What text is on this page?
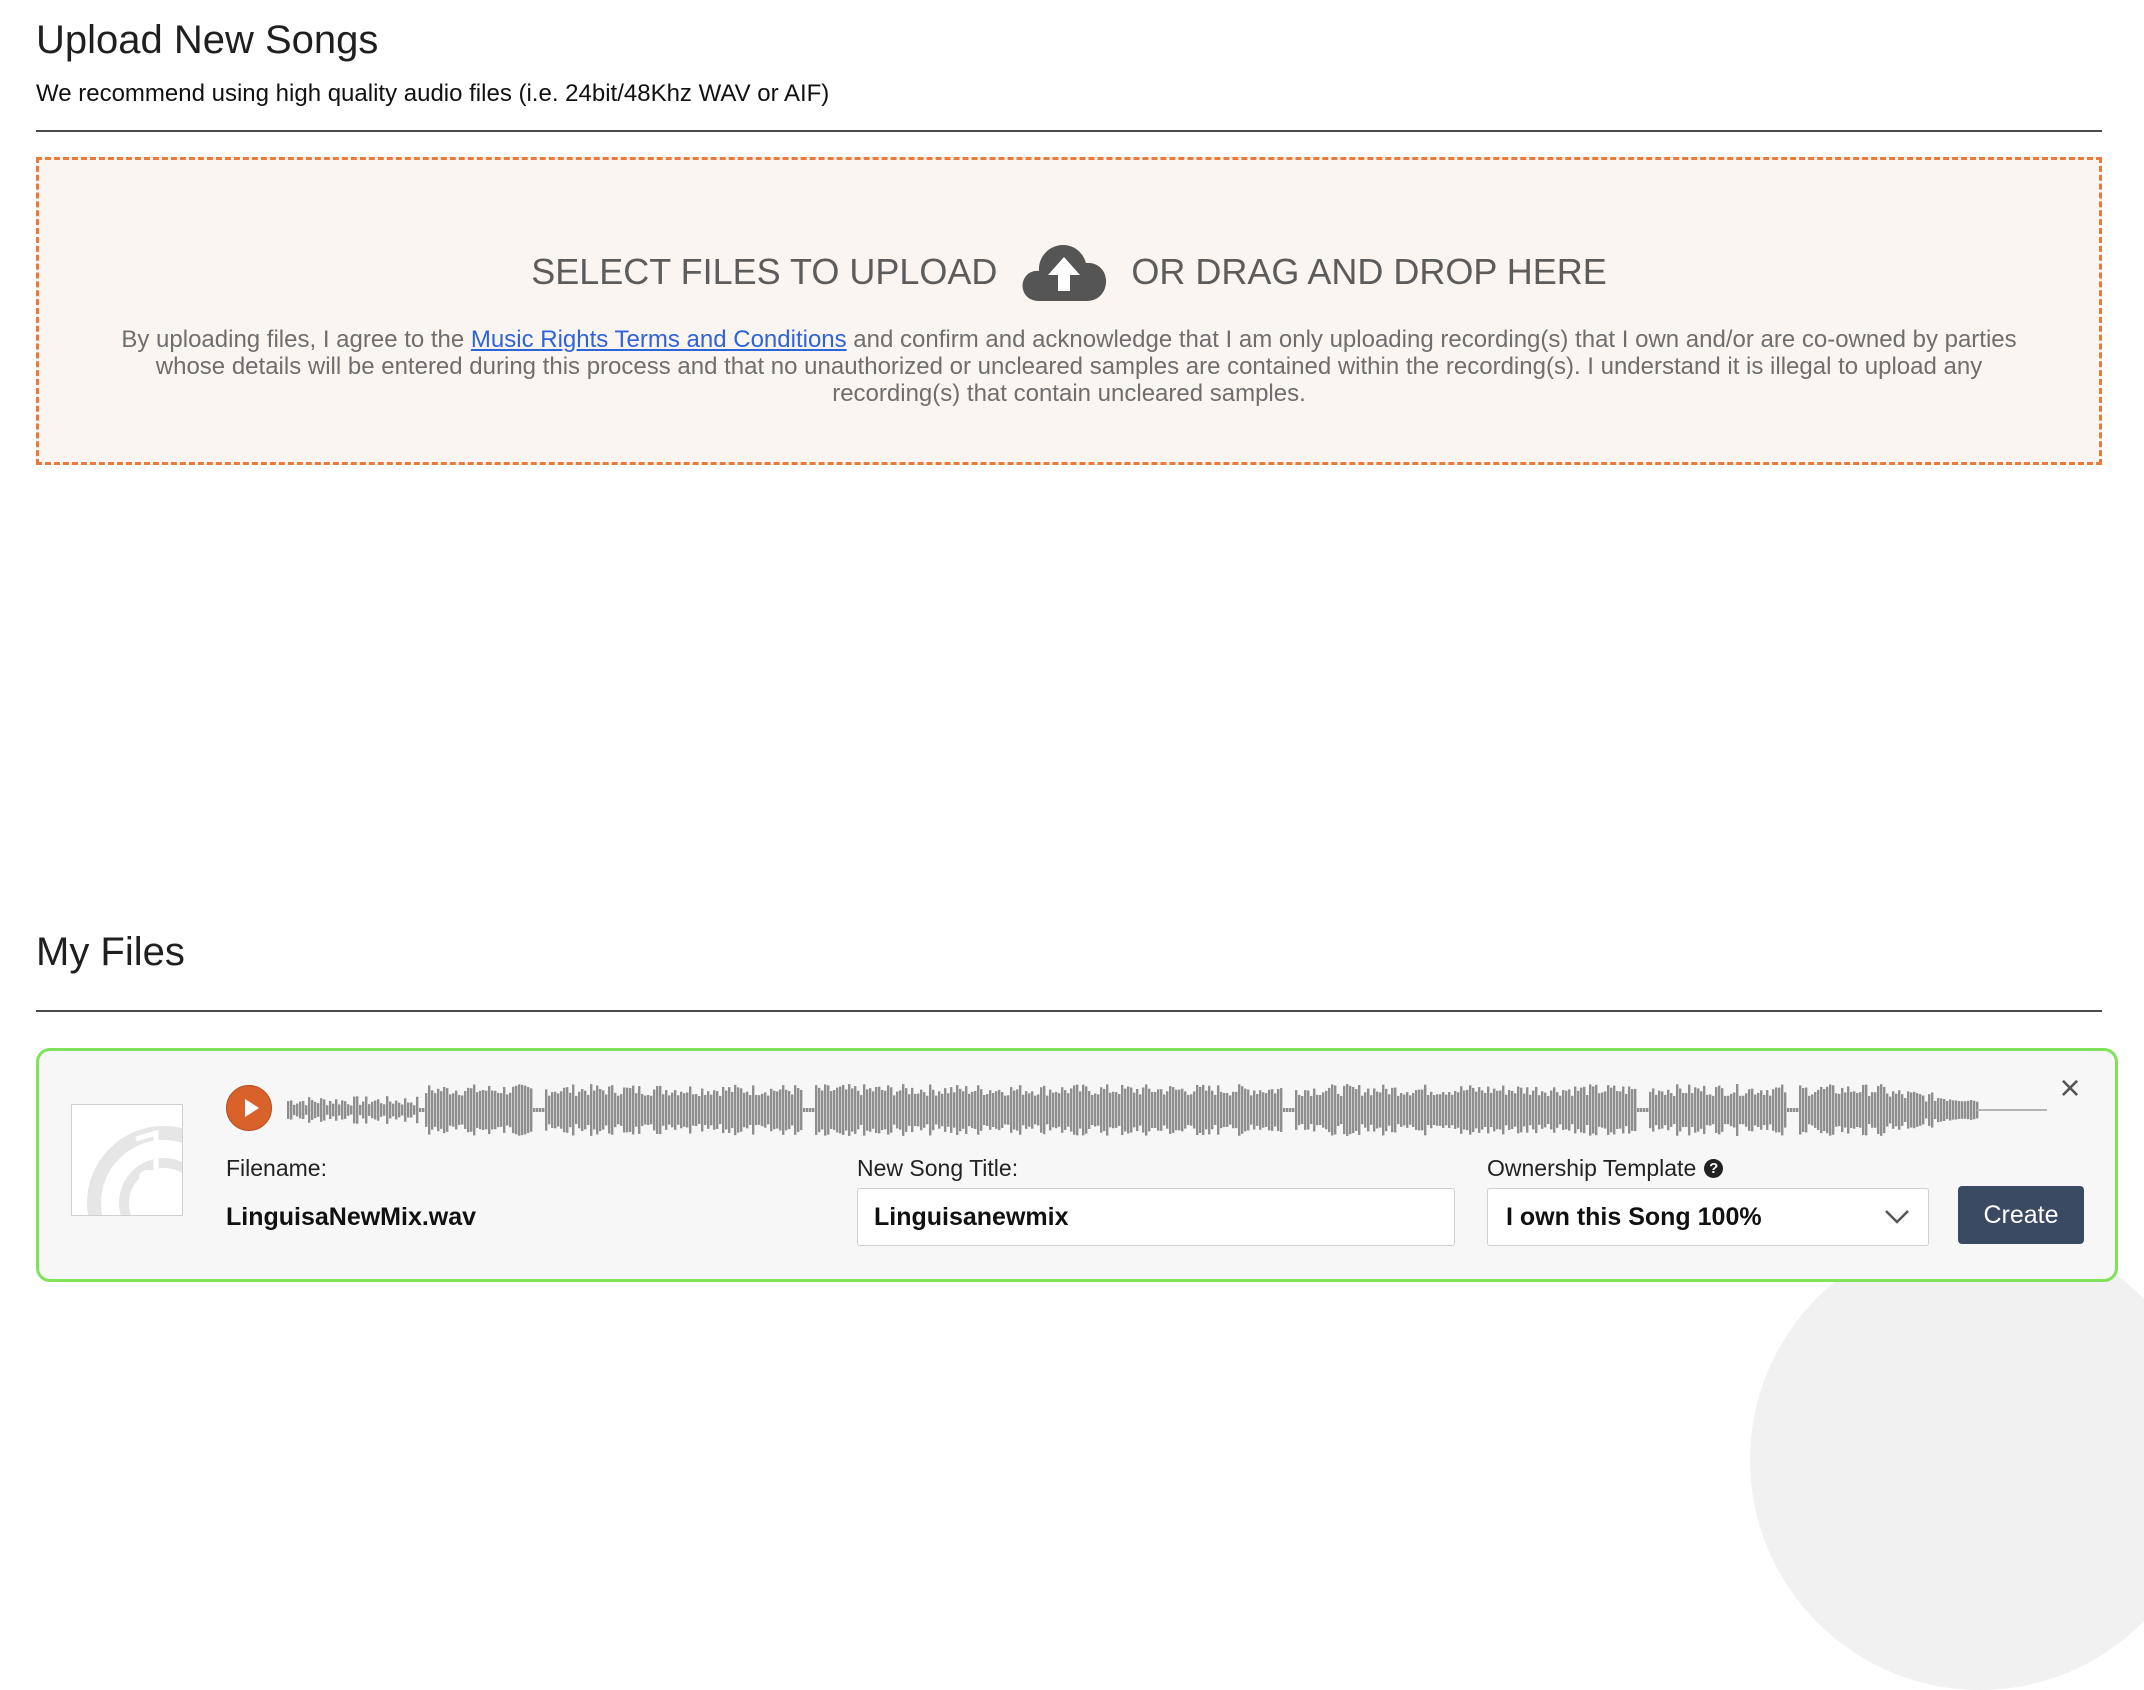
Upload New Songs
We recommend using high quality audio files (i.e. 24bit/48Khz WAV or AIF)
SELECT FILES TO UPLOAD	OR DRAG AND DROP HERE
By uploading files, I agree to the Music Rights Terms and Conditions and confirm and acknowledge that I am only uploading recording(s) that I own and/or are co-owned by parties whose details will be entered during this process and that no unauthorized or uncleared samples are contained within the recording(s). I understand it is illegal to upload any recording(s) that contain uncleared samples.
My Files
×
Filename:
LinguisaNewMix.wav
New Song Title:
Linguisanewmix	Ownership Template ?
I own this Song 100%	Create
